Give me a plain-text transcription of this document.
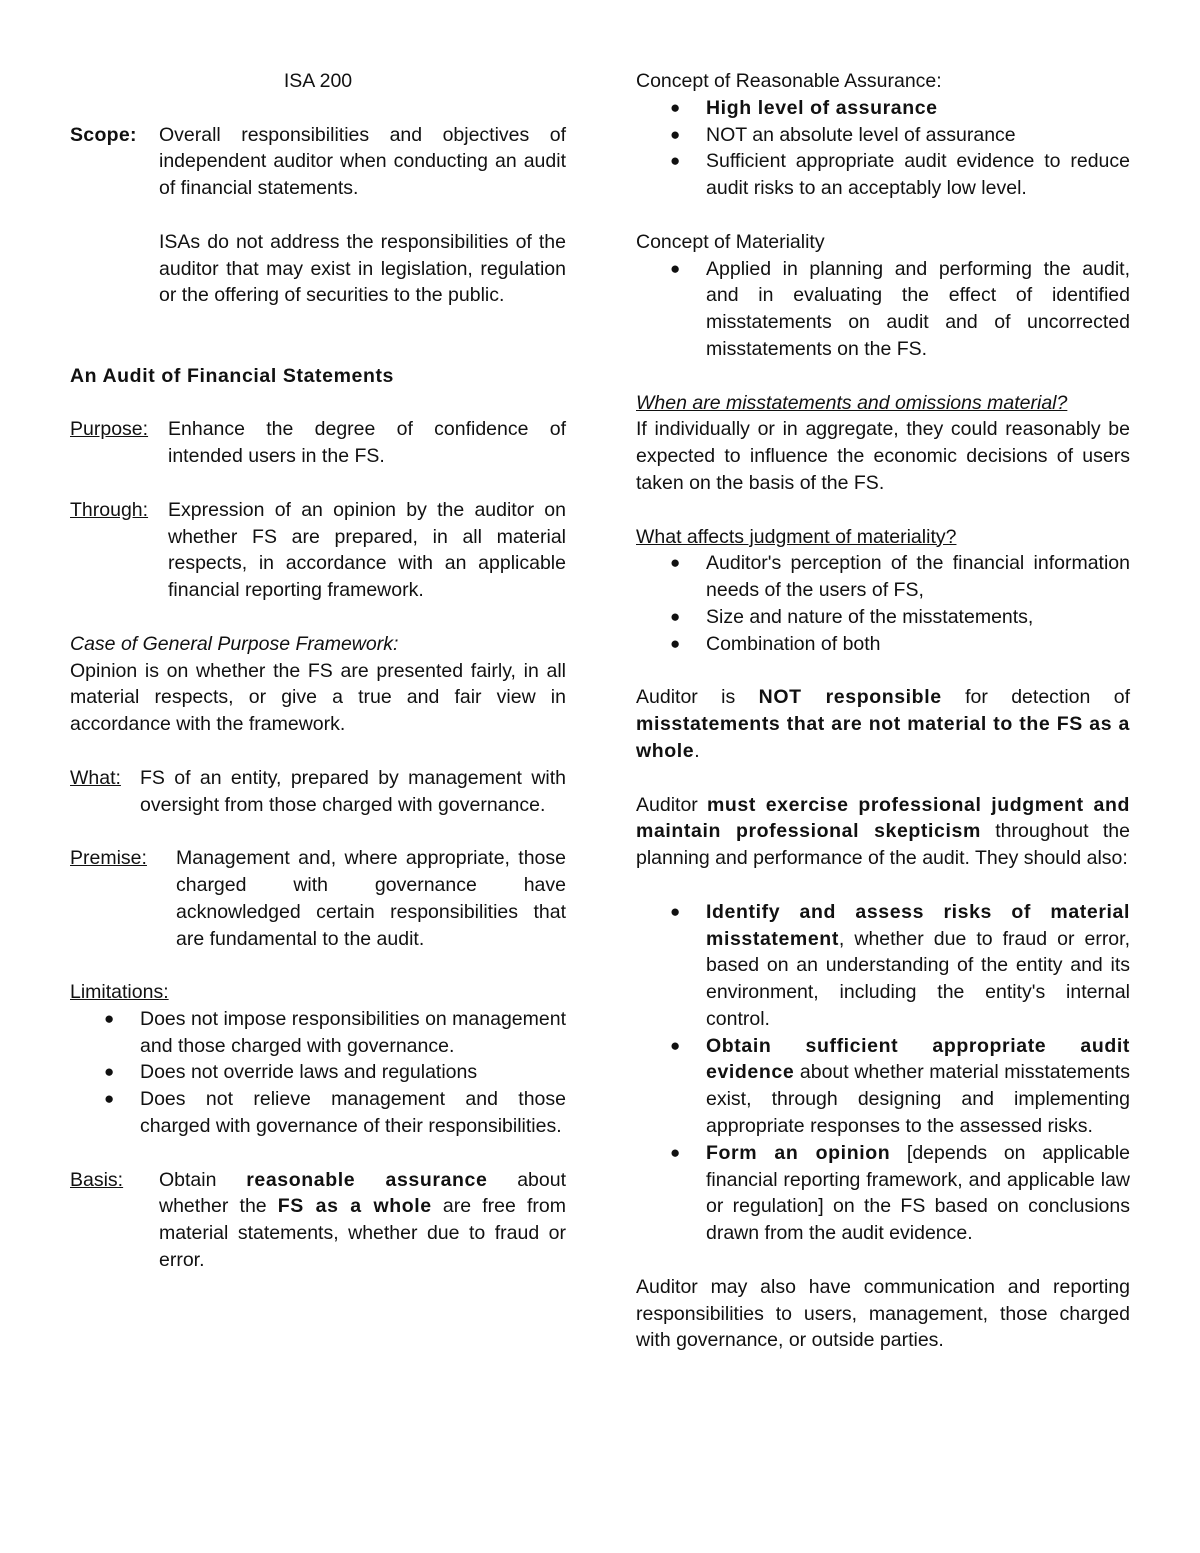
ISA 200

Scope:	Overall responsibilities and objectives of independent auditor when conducting an audit of financial statements.

ISAs do not address the responsibilities of the auditor that may exist in legislation, regulation or the offering of securities to the public.

An Audit of Financial Statements

Purpose:	Enhance the degree of confidence of intended users in the FS.

Through:	Expression of an opinion by the auditor on whether FS are prepared, in all material respects, in accordance with an applicable financial reporting framework.

Case of General Purpose Framework:

Opinion is on whether the FS are presented fairly, in all material respects, or give a true and fair view in accordance with the framework.

What: FS of an entity, prepared by management with oversight from those charged with governance.

Premise:	Management and, where appropriate, those charged with governance have acknowledged certain responsibilities that are fundamental to the audit.

Limitations:

●	Does not impose responsibilities on management and those charged with governance.
●	Does not override laws and regulations
●	Does not relieve management and those charged with governance of their responsibilities.
Basis:	Obtain reasonable assurance about whether the FS as a whole are free from material statements, whether due to fraud or error.

Concept of Reasonable Assurance:

●	High level of assurance
●	NOT an absolute level of assurance
●	Sufficient appropriate audit evidence to reduce audit risks to an acceptably low level.

Concept of Materiality

●	Applied in planning and performing the audit, and in evaluating the effect of identified misstatements on audit and of uncorrected misstatements on the FS.

When are misstatements and omissions material?

If individually or in aggregate, they could reasonably be expected to influence the economic decisions of users taken on the basis of the FS.

What affects judgment of materiality?

●	Auditor's perception of the financial information needs of the users of FS,
●	Size and nature of the misstatements,
●	Combination of both

Auditor is NOT responsible for detection of misstatements that are not material to the FS as a whole.

Auditor must exercise professional judgment and maintain professional skepticism throughout the planning and performance of the audit. They should also:

●	Identify and assess risks of material misstatement, whether due to fraud or error, based on an understanding of the entity and its environment, including the entity's internal control.
●	Obtain sufficient appropriate audit evidence about whether material misstatements exist, through designing and implementing appropriate responses to the assessed risks.
●	Form an opinion [depends on applicable financial reporting framework, and applicable law or regulation] on the FS based on conclusions drawn from the audit evidence.

Auditor may also have communication and reporting responsibilities to users, management, those charged with governance, or outside parties.
